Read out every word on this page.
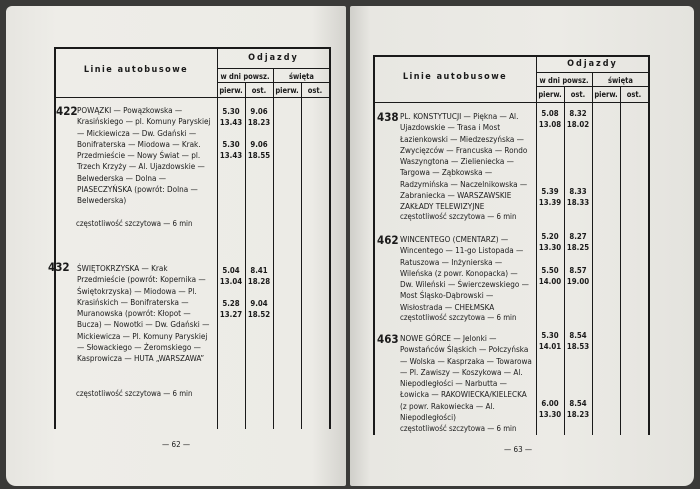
Linie autobusowe
Odjazdy
w dni powsz.	święta
pierw.	ost.	pierw.	ost.
422 POWĄZKI — Powązkowska — Krasińskiego — pl. Komuny Paryskiej — Mickiewicza — Dw. Gdański — Bonifraterska — Miodowa — Krak. Przedmieście — Nowy Świat — pl. Trzech Krzyży — Al. Ujazdowskie — Belwederska — Dolna — PIASECZYŃSKA (powrót: Dolna — Belwederska)
częstotliwość szczytowa — 6 min
5.30	9.06
13.43 18.23
5.30	9.06
13.43 18.55
432 ŚWIĘTOKRZYSKA — Krak Przedmieście (powrót: Kopernika — Świętokrzyska) — Miodowa — Pl. Krasińskich — Bonifraterska — Muranowska (powrót: Kłopot — Bucza) — Nowotki — Dw. Gdański — Mickiewicza — Pl. Komuny Paryskiej — Słowackiego — Żeromskiego — Kasprowicza — HUTA „WARSZAWA”
częstotliwość szczytowa — 6 min
5.04	8.41
13.04 18.28
5.28	9.04
13.27 18.52
— 62 —
Linie autobusowe
Odjazdy
w dni powsz.	święta
pierw.	ost.	pierw.	ost.
438 PL. KONSTYTUCJI — Piękna — Al. Ujazdowskie — Trasa i Most Łazienkowski — Miedzeszyńska — Zwycięzców — Francuska — Rondo Waszyngtona — Zielieniecka — Targowa — Ząbkowska — Radzymińska — Naczelnikowska — Zabraniecka — WARSZAWSKIE ZAKŁADY TELEWIZYJNE
częstotliwość szczytowa — 6 min
5.08	8.32
13.08 18.02
5.39	8.33
13.39 18.33
462 WINCENTEGO (CMENTARZ) — Wincentego — 11-go Listopada — Ratuszowa — Inżynierska — Wileńska (z powr. Konopacka) — Dw. Wileński — Świerczewskiego — Most Śląsko-Dąbrowski — Wisłostrada — CHEŁMSKA
częstotliwość szczytowa — 6 min
5.20	8.27
13.30 18.25
5.50	8.57
14.00 19.00
463 NOWE GÓRCE — Jelonki — Powstańców Śląskich — Połczyńska — Wolska — Kasprzaka — Towarowa — Pl. Zawiszy — Koszykowa — Al. Niepodległości — Narbutta — Łowicka — RAKOWIECKA/KIELECKA (z powr. Rakowiecka — Al. Niepodległości)
częstotliwość szczytowa — 6 min
5.30	8.54
14.01 18.53
6.00	8.54
13.30 18.23
— 63 —
